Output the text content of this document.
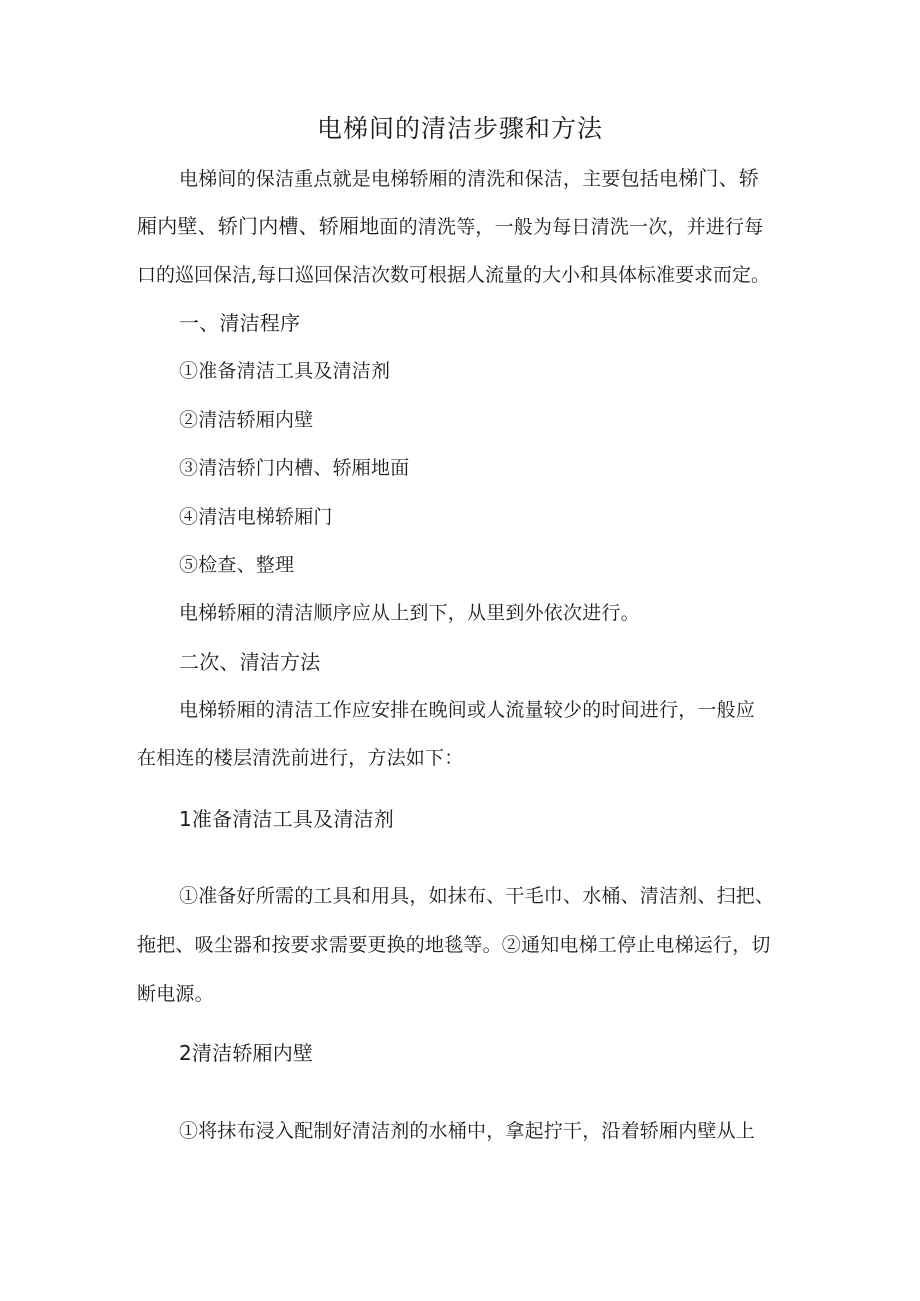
电梯间的清洁步骤和方法
电梯间的保洁重点就是电梯轿厢的清洗和保洁，主要包括电梯门、轿
厢内壁、轿门内槽、轿厢地面的清洗等，一般为每日清洗一次，并进行每
口的巡回保洁,每口巡回保洁次数可根据人流量的大小和具体标准要求而定。
一、清洁程序
①准备清洁工具及清洁剂
②清洁轿厢内壁
③清洁轿门内槽、轿厢地面
④清洁电梯轿厢门
⑤检查、整理
电梯轿厢的清洁顺序应从上到下，从里到外依次进行。
二次、清洁方法
电梯轿厢的清洁工作应安排在晚间或人流量较少的时间进行，一般应
在相连的楼层清洗前进行，方法如下：
1准备清洁工具及清洁剂
①准备好所需的工具和用具，如抹布、干毛巾、水桶、清洁剂、扫把、
拖把、吸尘器和按要求需要更换的地毯等。②通知电梯工停止电梯运行，切
断电源。
2清洁轿厢内壁
①将抹布浸入配制好清洁剂的水桶中，拿起拧干，沿着轿厢内壁从上
